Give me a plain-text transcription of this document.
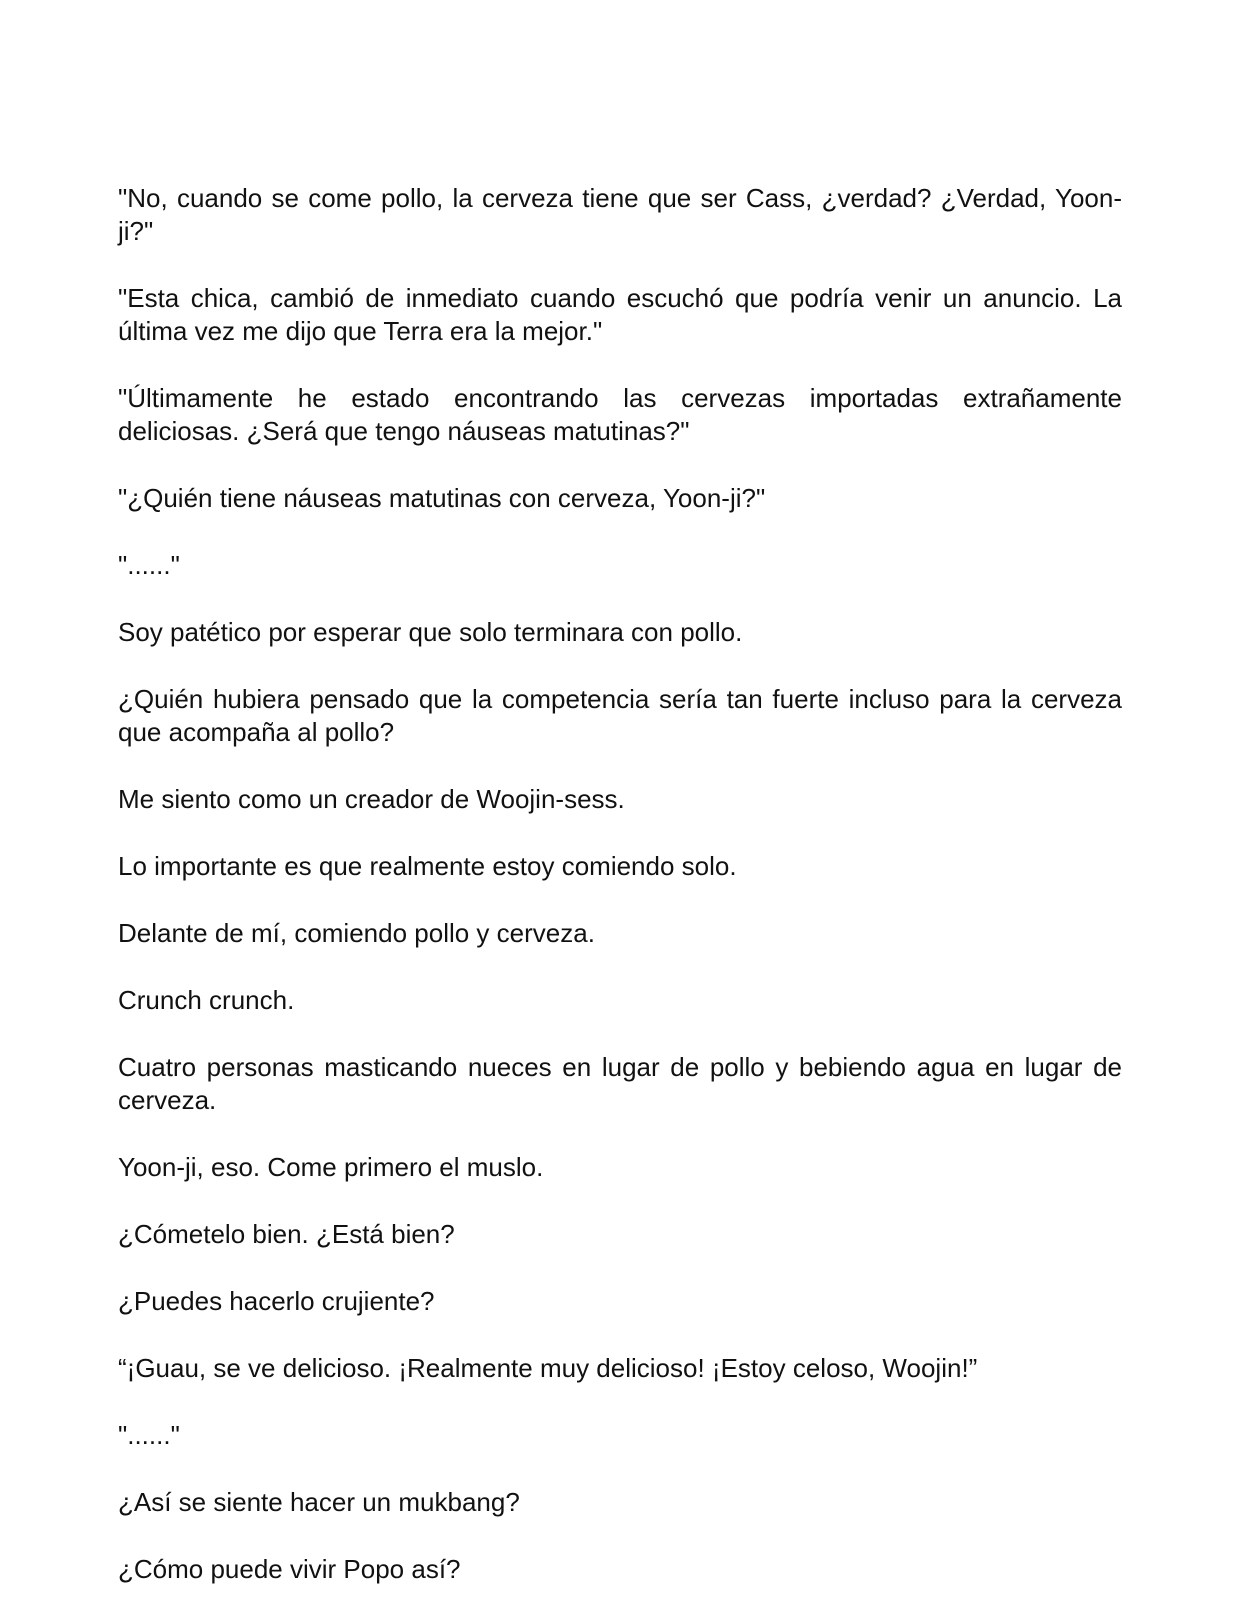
"No, cuando se come pollo, la cerveza tiene que ser Cass, ¿verdad? ¿Verdad, Yoon-ji?"

"Esta chica, cambió de inmediato cuando escuchó que podría venir un anuncio. La última vez me dijo que Terra era la mejor."

"Últimamente he estado encontrando las cervezas importadas extrañamente deliciosas. ¿Será que tengo náuseas matutinas?"

"¿Quién tiene náuseas matutinas con cerveza, Yoon-ji?"

"......"

Soy patético por esperar que solo terminara con pollo.

¿Quién hubiera pensado que la competencia sería tan fuerte incluso para la cerveza que acompaña al pollo?

Me siento como un creador de Woojin-sess.

Lo importante es que realmente estoy comiendo solo.

Delante de mí, comiendo pollo y cerveza.

Crunch crunch.

Cuatro personas masticando nueces en lugar de pollo y bebiendo agua en lugar de cerveza.

Yoon-ji, eso. Come primero el muslo.

¿Cómetelo bien. ¿Está bien?

¿Puedes hacerlo crujiente?

“¡Guau, se ve delicioso. ¡Realmente muy delicioso! ¡Estoy celoso, Woojin!”

"......"

¿Así se siente hacer un mukbang?

¿Cómo puede vivir Popo así?
